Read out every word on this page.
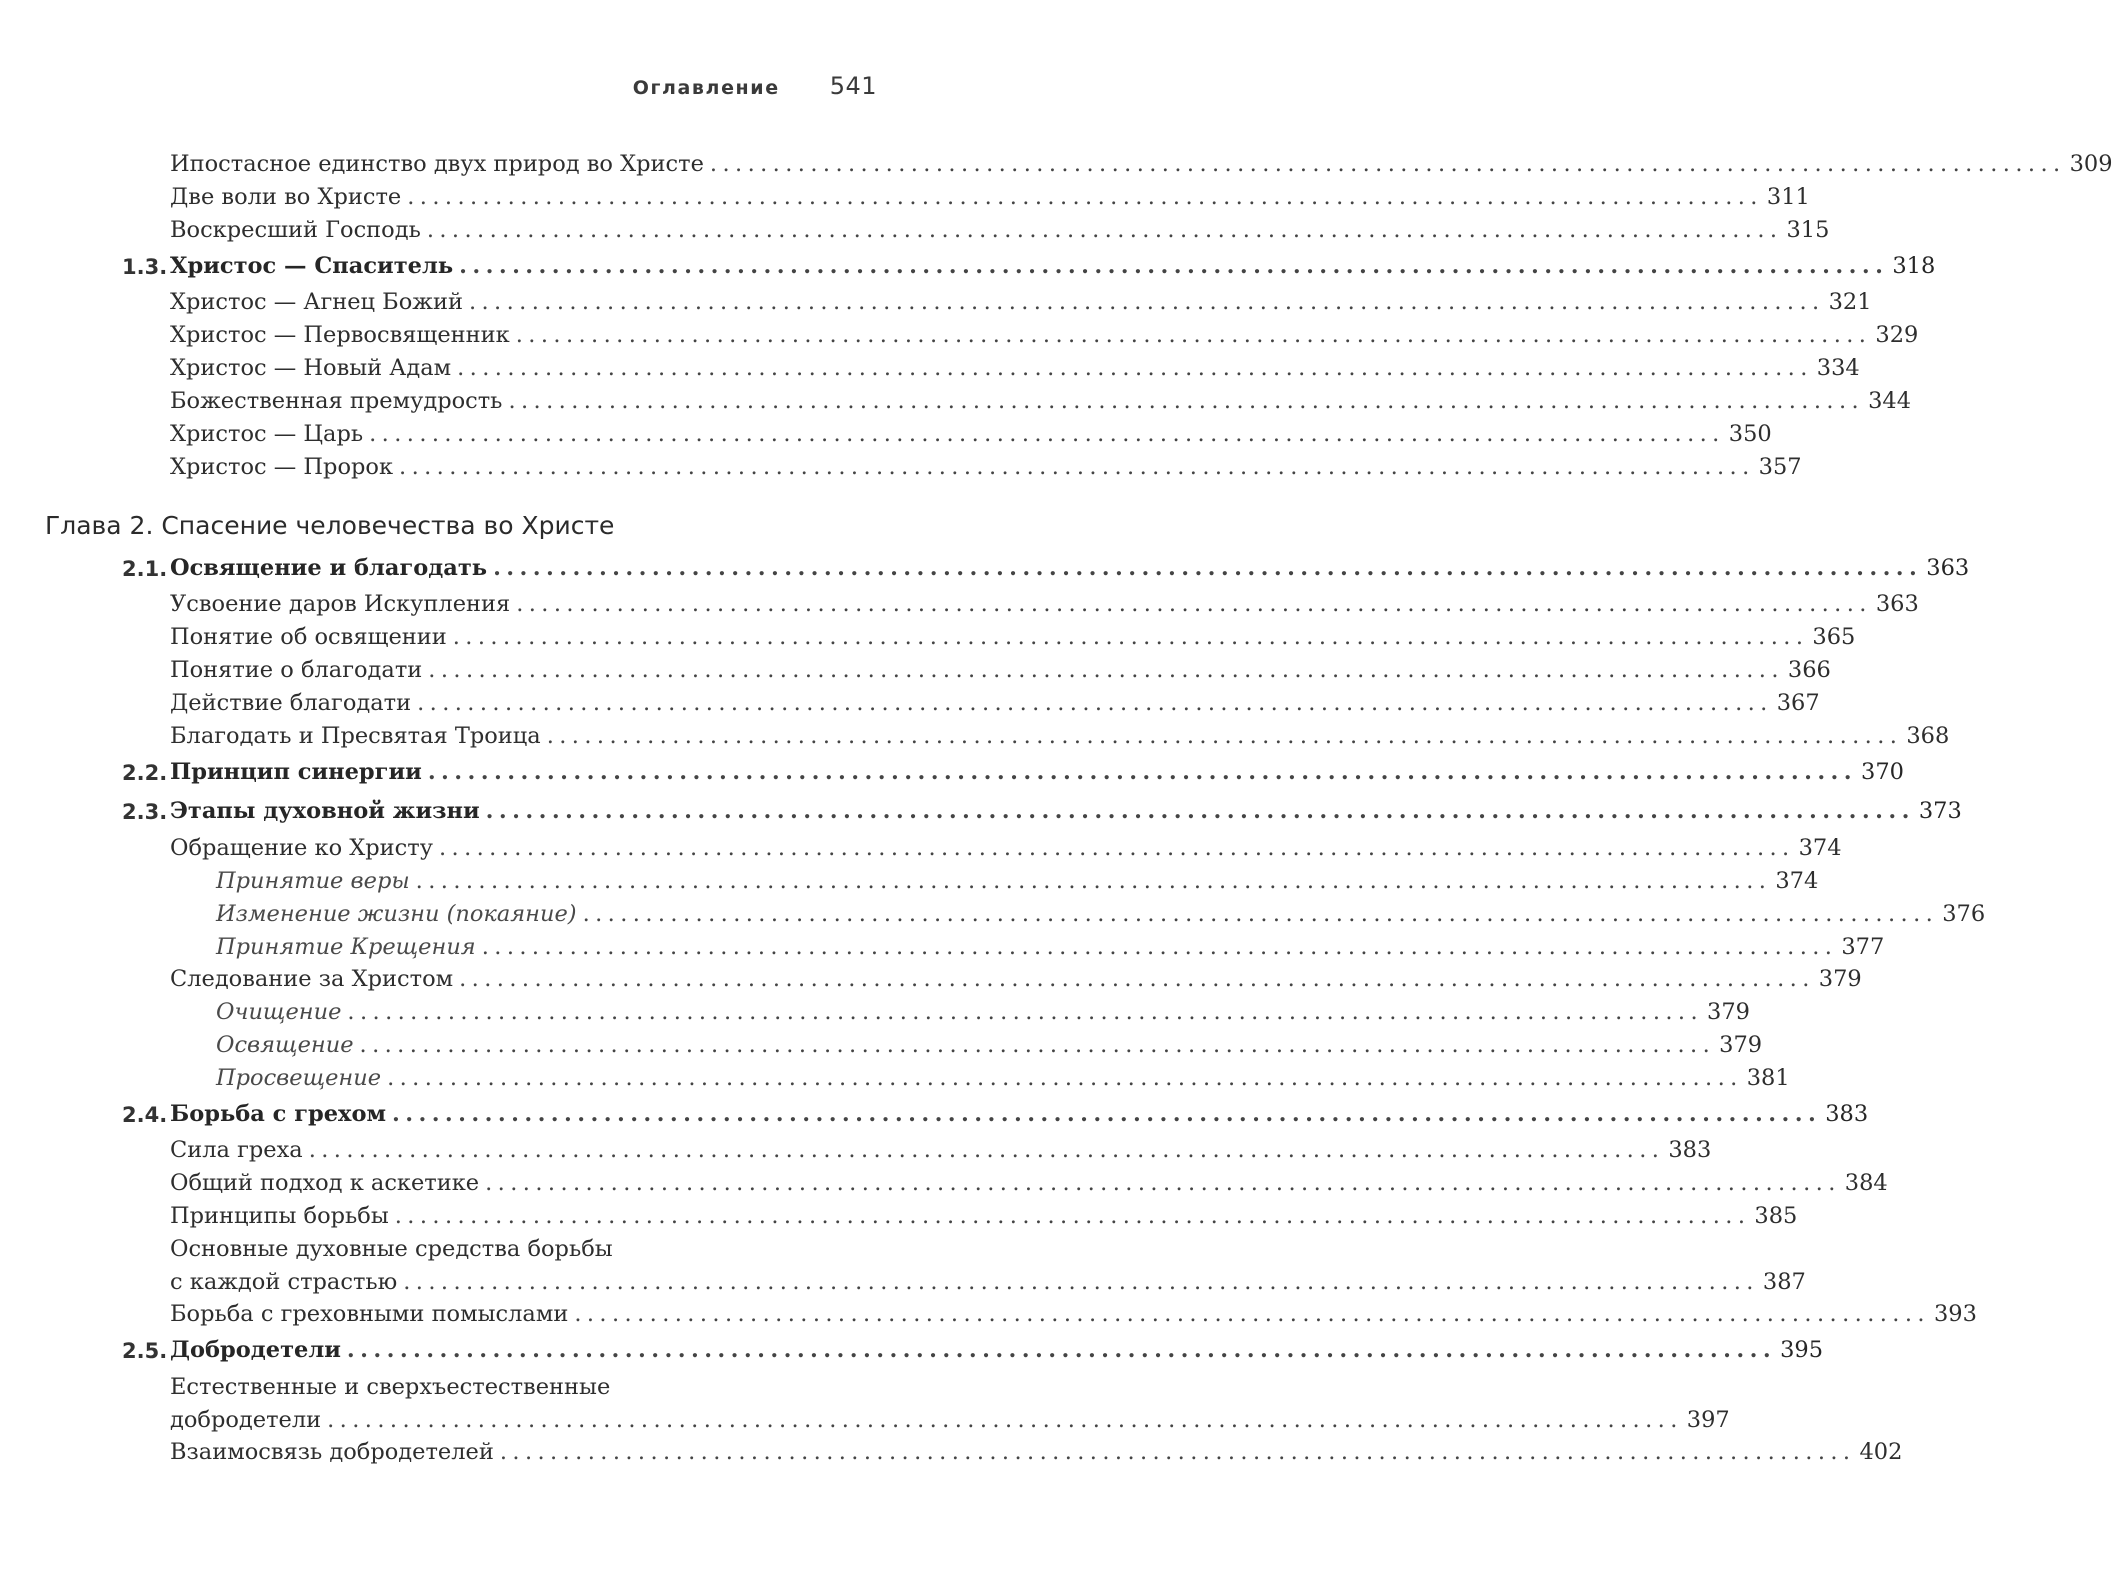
Оглавление 541
Ипостасное единство двух природ во Христе ............................................................................................................ 309
Две воли во Христе ............................................................................................................ 311
Воскресший Господь ............................................................................................................ 315
1.3. Христос — Спаситель ............................................................................................................ 318
Христос — Агнец Божий ............................................................................................................ 321
Христос — Первосвященник ............................................................................................................ 329
Христос — Новый Адам ............................................................................................................ 334
Божественная премудрость ............................................................................................................ 344
Христос — Царь ............................................................................................................ 350
Христос — Пророк ............................................................................................................ 357
Глава 2. Спасение человечества во Христе
2.1. Освящение и благодать ............................................................................................................ 363
Усвоение даров Искупления ............................................................................................................ 363
Понятие об освящении ............................................................................................................ 365
Понятие о благодати ............................................................................................................ 366
Действие благодати ............................................................................................................ 367
Благодать и Пресвятая Троица ............................................................................................................ 368
2.2. Принцип синергии ............................................................................................................ 370
2.3. Этапы духовной жизни ............................................................................................................ 373
Обращение ко Христу ............................................................................................................ 374
Принятие веры ............................................................................................................ 374
Изменение жизни (покаяние) ............................................................................................................ 376
Принятие Крещения ............................................................................................................ 377
Следование за Христом ............................................................................................................ 379
Очищение ............................................................................................................ 379
Освящение ............................................................................................................ 379
Просвещение ............................................................................................................ 381
2.4. Борьба с грехом ............................................................................................................ 383
Сила греха ............................................................................................................ 383
Общий подход к аскетике ............................................................................................................ 384
Принципы борьбы ............................................................................................................ 385
Основные духовные средства борьбы
с каждой страстью ............................................................................................................ 387
Борьба с греховными помыслами ............................................................................................................ 393
2.5. Добродетели ............................................................................................................ 395
Естественные и сверхъестественные
добродетели ............................................................................................................ 397
Взаимосвязь добродетелей ............................................................................................................ 402
